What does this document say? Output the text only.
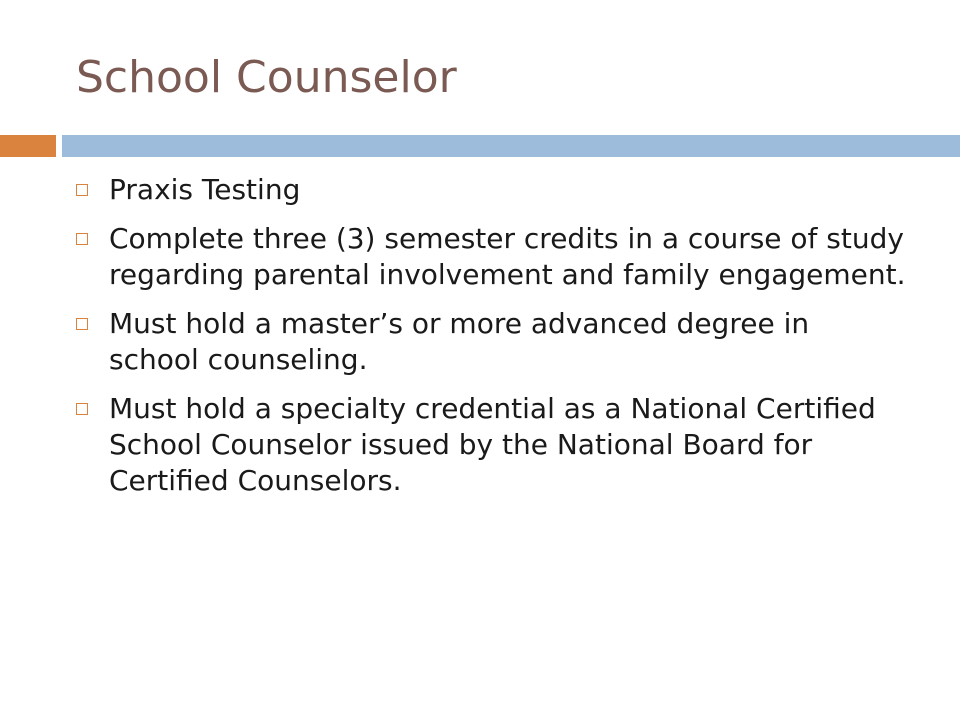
School Counselor
Praxis Testing
Complete three (3) semester credits in a course of study regarding parental involvement and family engagement.
Must hold a master’s or more advanced degree in school counseling.
Must hold a specialty credential as a National Certified School Counselor issued by the National Board for Certified Counselors.
